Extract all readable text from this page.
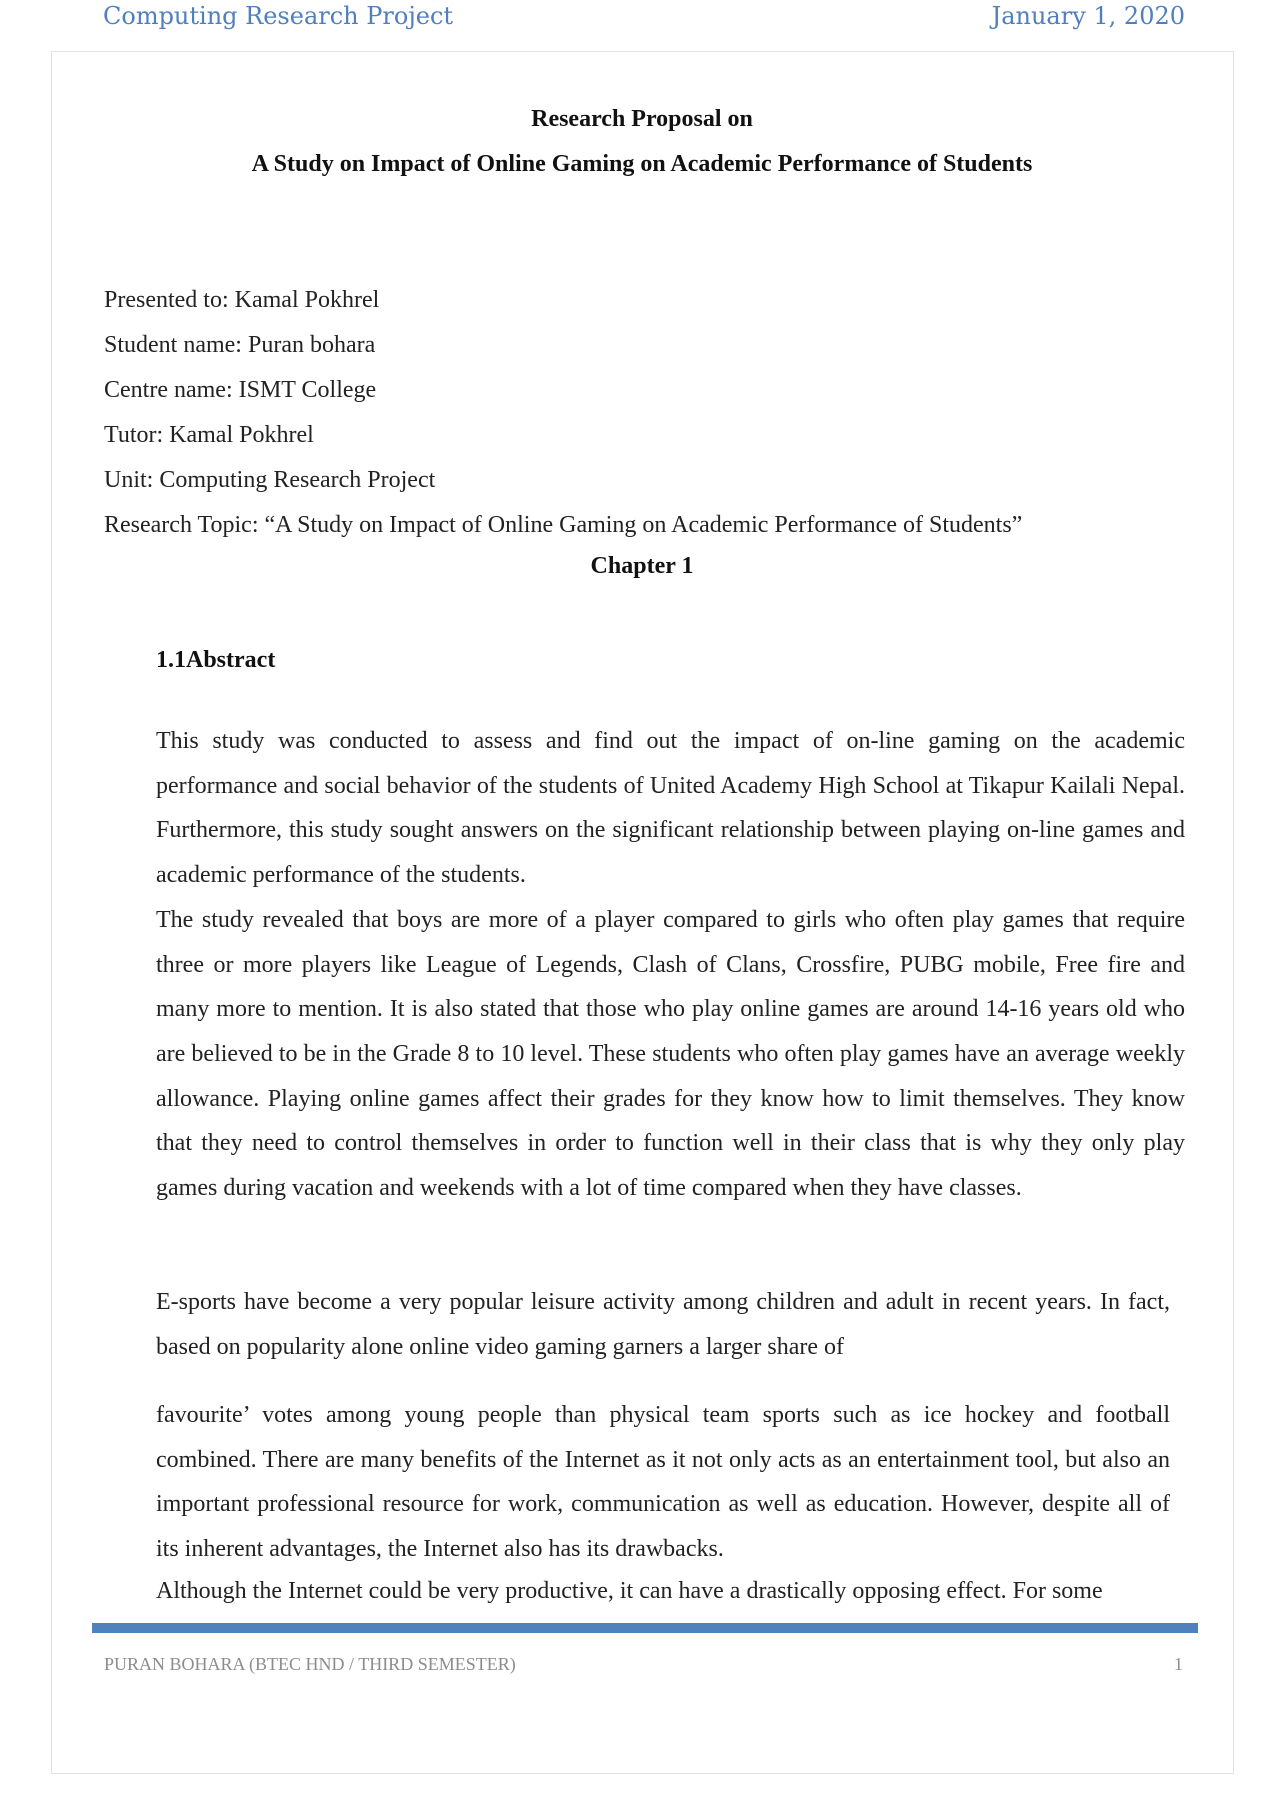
Computing Research Project	January 1, 2020
Research Proposal on
A Study on Impact of Online Gaming on Academic Performance of Students
Presented to: Kamal Pokhrel
Student name: Puran bohara
Centre name: ISMT College
Tutor: Kamal Pokhrel
Unit: Computing Research Project
Research Topic: “A Study on Impact of Online Gaming on Academic Performance of Students”
Chapter 1
1.1Abstract

This study was conducted to assess and find out the impact of on-line gaming on the academic performance and social behavior of the students of United Academy High School at Tikapur Kailali Nepal. Furthermore, this study sought answers on the significant relationship between playing on-line games and academic performance of the students.

The study revealed that boys are more of a player compared to girls who often play games that require three or more players like League of Legends, Clash of Clans, Crossfire, PUBG mobile, Free fire and many more to mention. It is also stated that those who play online games are around 14-16 years old who are believed to be in the Grade 8 to 10 level. These students who often play games have an average weekly allowance. Playing online games affect their grades for they know how to limit themselves. They know that they need to control themselves in order to function well in their class that is why they only play games during vacation and weekends with a lot of time compared when they have classes.

E-sports have become a very popular leisure activity among children and adult in recent years. In fact, based on popularity alone online video gaming garners a larger share of
favourite’ votes among young people than physical team sports such as ice hockey and football combined. There are many benefits of the Internet as it not only acts as an entertainment tool, but also an important professional resource for work, communication as well as education. However, despite all of its inherent advantages, the Internet also has its drawbacks.
Although the Internet could be very productive, it can have a drastically opposing effect. For some
PURAN BOHARA (BTEC HND / THIRD SEMESTER)	1
